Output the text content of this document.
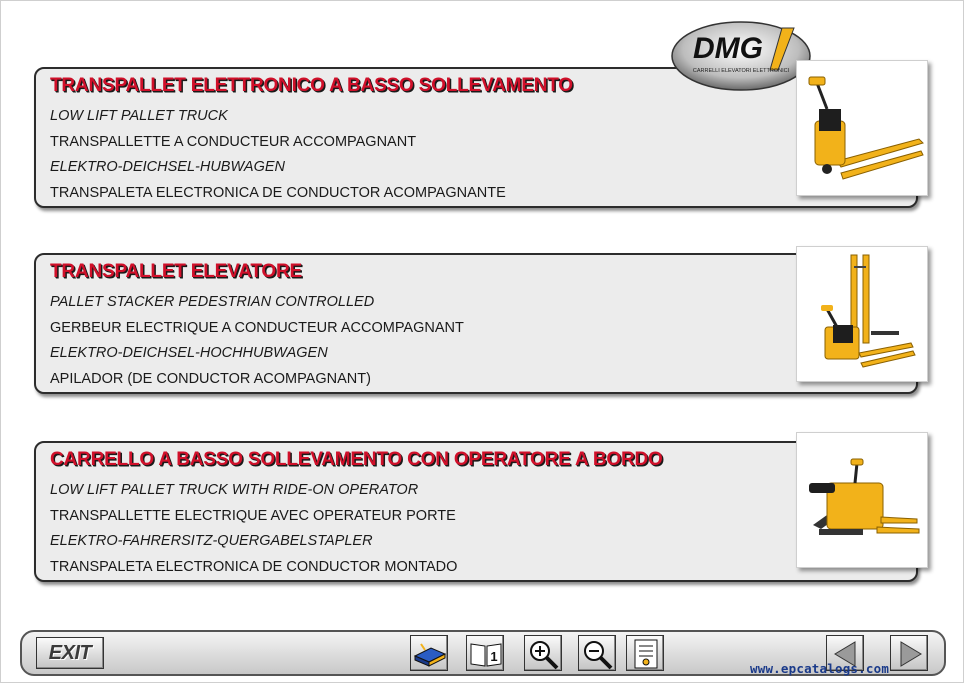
TRANSPALLET ELETTRONICO A BASSO SOLLEVAMENTO
LOW LIFT PALLET TRUCK
TRANSPALLETTE A CONDUCTEUR ACCOMPAGNANT
ELEKTRO-DEICHSEL-HUBWAGEN
TRANSPALETA ELECTRONICA DE CONDUCTOR ACOMPAGNANTE
TRANSPALLET ELEVATORE
PALLET STACKER PEDESTRIAN CONTROLLED
GERBEUR ELECTRIQUE A CONDUCTEUR ACCOMPAGNANT
ELEKTRO-DEICHSEL-HOCHHUBWAGEN
APILADOR (DE CONDUCTOR ACOMPAGNANT)
CARRELLO A BASSO SOLLEVAMENTO CON OPERATORE A BORDO
LOW LIFT PALLET TRUCK WITH RIDE-ON OPERATOR
TRANSPALLETTE ELECTRIQUE AVEC OPERATEUR PORTE
ELEKTRO-FAHRERSITZ-QUERGABELSTAPLER
TRANSPALETA ELECTRONICA DE CONDUCTOR MONTADO
DMG
CARRELLI ELEVATORI ELETTRONICI
EXIT	1
www.epcatalogs.com
